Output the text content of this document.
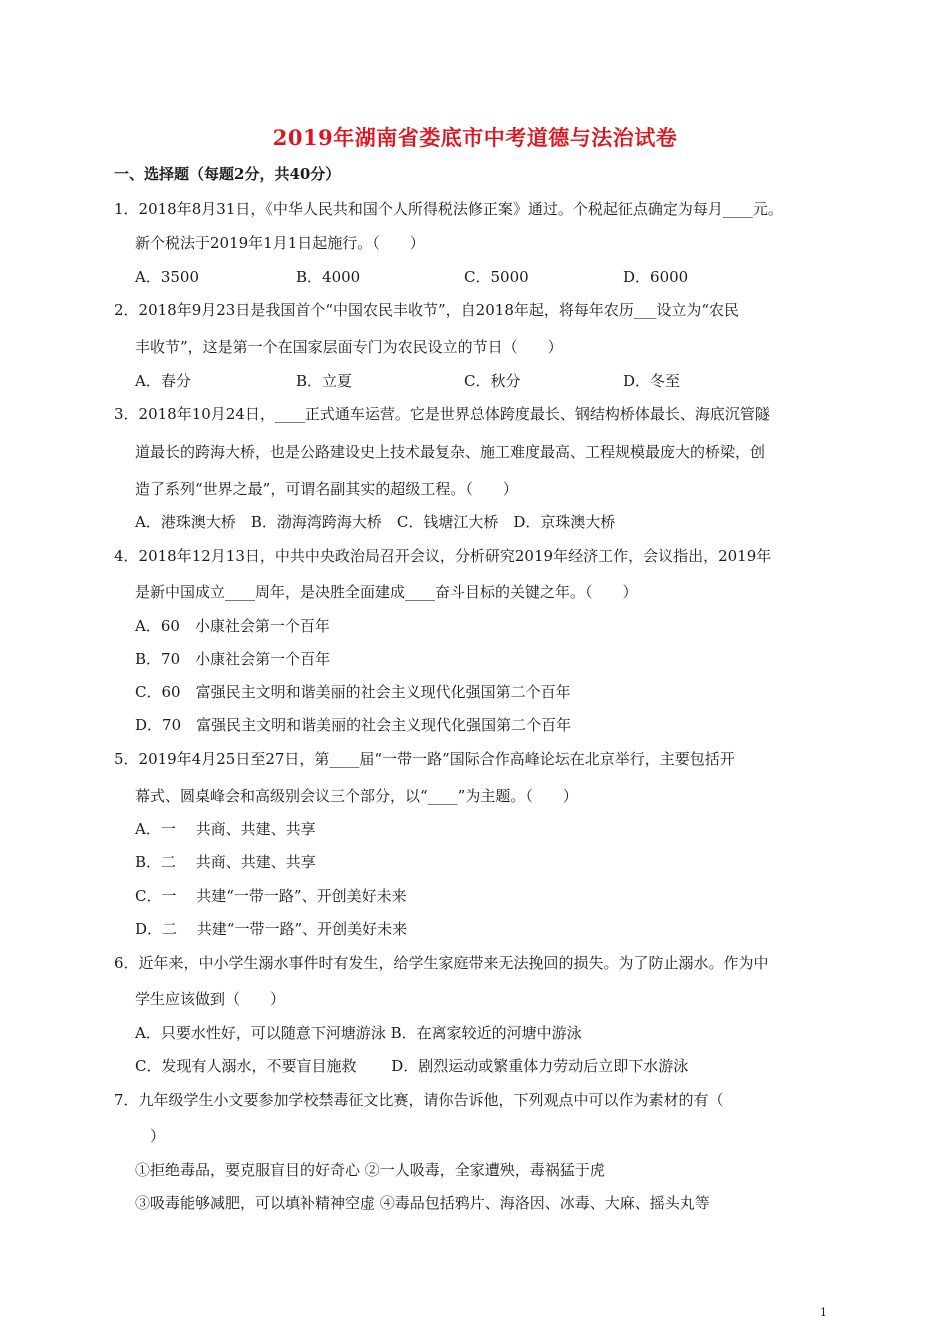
2019年湖南省娄底市中考道德与法治试卷
一、选择题（每题2分，共40分）
1．2018年8月31日，《中华人民共和国个人所得税法修正案》通过。个税起征点确定为每月____元。
新个税法于2019年1月1日起施行。（　　）
A．3500	B．4000	C．5000	D．6000
2．2018年9月23日是我国首个“中国农民丰收节”，自2018年起，将每年农历___设立为“农民
丰收节”，这是第一个在国家层面专门为农民设立的节日（　　）
A．春分	B．立夏	C．秋分	D．冬至
3．2018年10月24日，____正式通车运营。它是世界总体跨度最长、钢结构桥体最长、海底沉管隧
道最长的跨海大桥，也是公路建设史上技术最复杂、施工难度最高、工程规模最庞大的桥梁，创
造了系列“世界之最”，可谓名副其实的超级工程。（　　）
A．港珠澳大桥　B．渤海湾跨海大桥　C．钱塘江大桥　D．京珠澳大桥
4．2018年12月13日，中共中央政治局召开会议，分析研究2019年经济工作，会议指出，2019年
是新中国成立____周年，是决胜全面建成____奋斗目标的关键之年。（　　）
A．60　小康社会第一个百年
B．70　小康社会第一个百年
C．60　富强民主文明和谐美丽的社会主义现代化强国第二个百年
D．70　富强民主文明和谐美丽的社会主义现代化强国第二个百年
5．2019年4月25日至27日，第____届“一带一路”国际合作高峰论坛在北京举行，主要包括开
幕式、圆桌峰会和高级别会议三个部分，以“____”为主题。（　　）
A．一　 共商、共建、共享
B．二　 共商、共建、共享
C．一　 共建“一带一路”、开创美好未来
D．二　 共建“一带一路”、开创美好未来
6．近年来，中小学生溺水事件时有发生，给学生家庭带来无法挽回的损失。为了防止溺水。作为中
学生应该做到（　　）
A．只要水性好，可以随意下河塘游泳 B．在离家较近的河塘中游泳
C．发现有人溺水，不要盲目施救　　 D．剧烈运动或繁重体力劳动后立即下水游泳
7．九年级学生小文要参加学校禁毒征文比赛，请你告诉他，下列观点中可以作为素材的有（
　）
①拒绝毒品，要克服盲目的好奇心 ②一人吸毒，全家遭殃，毒祸猛于虎
③吸毒能够减肥，可以填补精神空虚 ④毒品包括鸦片、海洛因、冰毒、大麻、摇头丸等
1
